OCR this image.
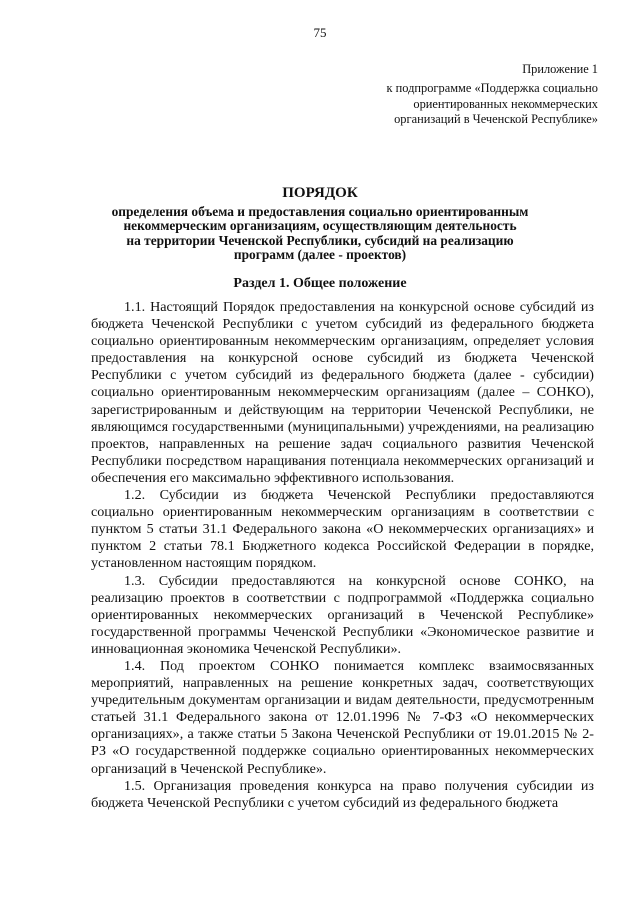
75
Приложение 1
к подпрограмме «Поддержка социально
ориентированных некоммерческих
организаций в Чеченской Республике»
ПОРЯДОК
определения объема и предоставления социально ориентированным
некоммерческим организациям, осуществляющим деятельность
на территории Чеченской Республики, субсидий на реализацию
программ (далее - проектов)
Раздел 1. Общее положение

1.1. Настоящий Порядок предоставления на конкурсной основе субсидий из бюджета Чеченской Республики с учетом субсидий из федерального бюджета социально ориентированным некоммерческим организациям, определяет условия предоставления на конкурсной основе субсидий из бюджета Чеченской Республики с учетом субсидий из федерального бюджета (далее - субсидии) социально ориентированным некоммерческим организациям (далее – СОНКО), зарегистрированным и действующим на территории Чеченской Республики, не являющимся государственными (муниципальными) учреждениями, на реализацию проектов, направленных на решение задач социального развития Чеченской Республики посредством наращивания потенциала некоммерческих организаций и обеспечения его максимально эффективного использования.

1.2. Субсидии из бюджета Чеченской Республики предоставляются социально ориентированным некоммерческим организациям в соответствии с пунктом 5 статьи 31.1 Федерального закона «О некоммерческих организациях» и пунктом 2 статьи 78.1 Бюджетного кодекса Российской Федерации в порядке, установленном настоящим порядком.

1.3. Субсидии предоставляются на конкурсной основе СОНКО, на реализацию проектов в соответствии с подпрограммой «Поддержка социально ориентированных некоммерческих организаций в Чеченской Республике» государственной программы Чеченской Республики «Экономическое развитие и инновационная экономика Чеченской Республики».

1.4. Под проектом СОНКО понимается комплекс взаимосвязанных мероприятий, направленных на решение конкретных задач, соответствующих учредительным документам организации и видам деятельности, предусмотренным статьей 31.1 Федерального закона от 12.01.1996 № 7-ФЗ «О некоммерческих организациях», а также статьи 5 Закона Чеченской Республики от 19.01.2015 № 2-РЗ «О государственной поддержке социально ориентированных некоммерческих организаций в Чеченской Республике».

1.5. Организация проведения конкурса на право получения субсидии из бюджета Чеченской Республики с учетом субсидий из федерального бюджета
